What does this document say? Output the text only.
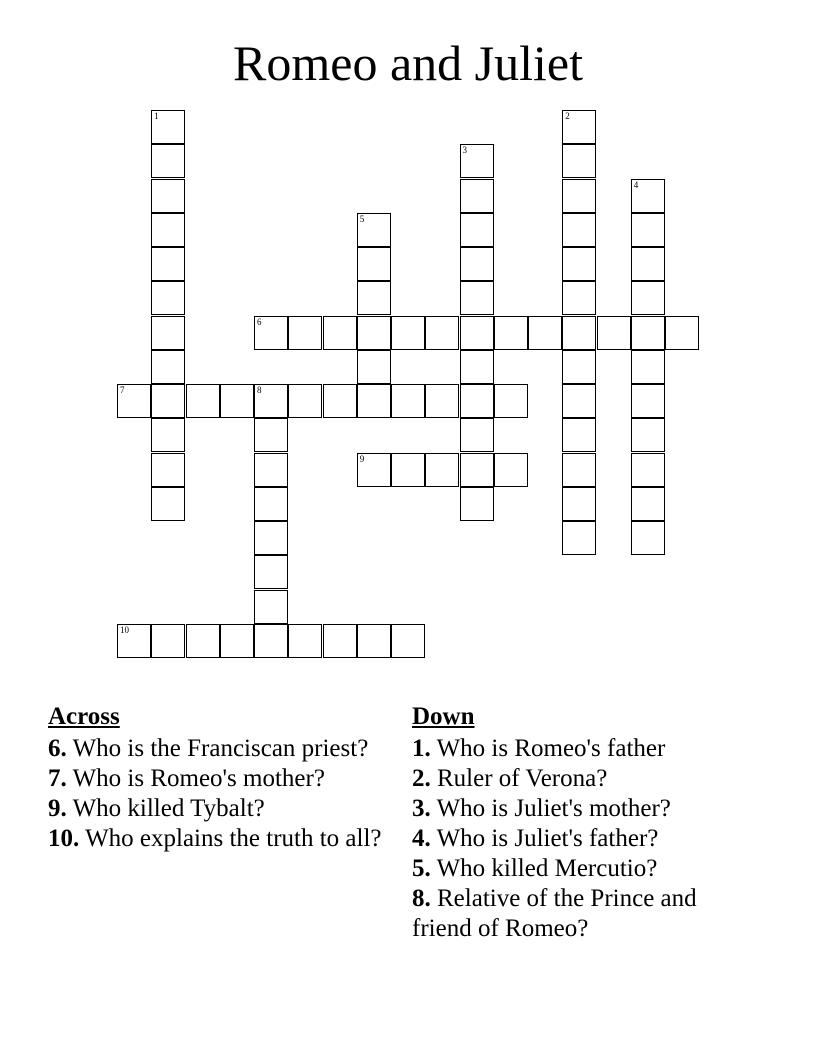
Romeo and Juliet
1	2
3
4
5
6
7	8
9
10
Across
6. Who is the Franciscan priest?
7. Who is Romeo's mother?
9. Who killed Tybalt?
10. Who explains the truth to all?
Down
1. Who is Romeo's father
2. Ruler of Verona?
3. Who is Juliet's mother?
4. Who is Juliet's father?
5. Who killed Mercutio?
8. Relative of the Prince and friend of Romeo?
